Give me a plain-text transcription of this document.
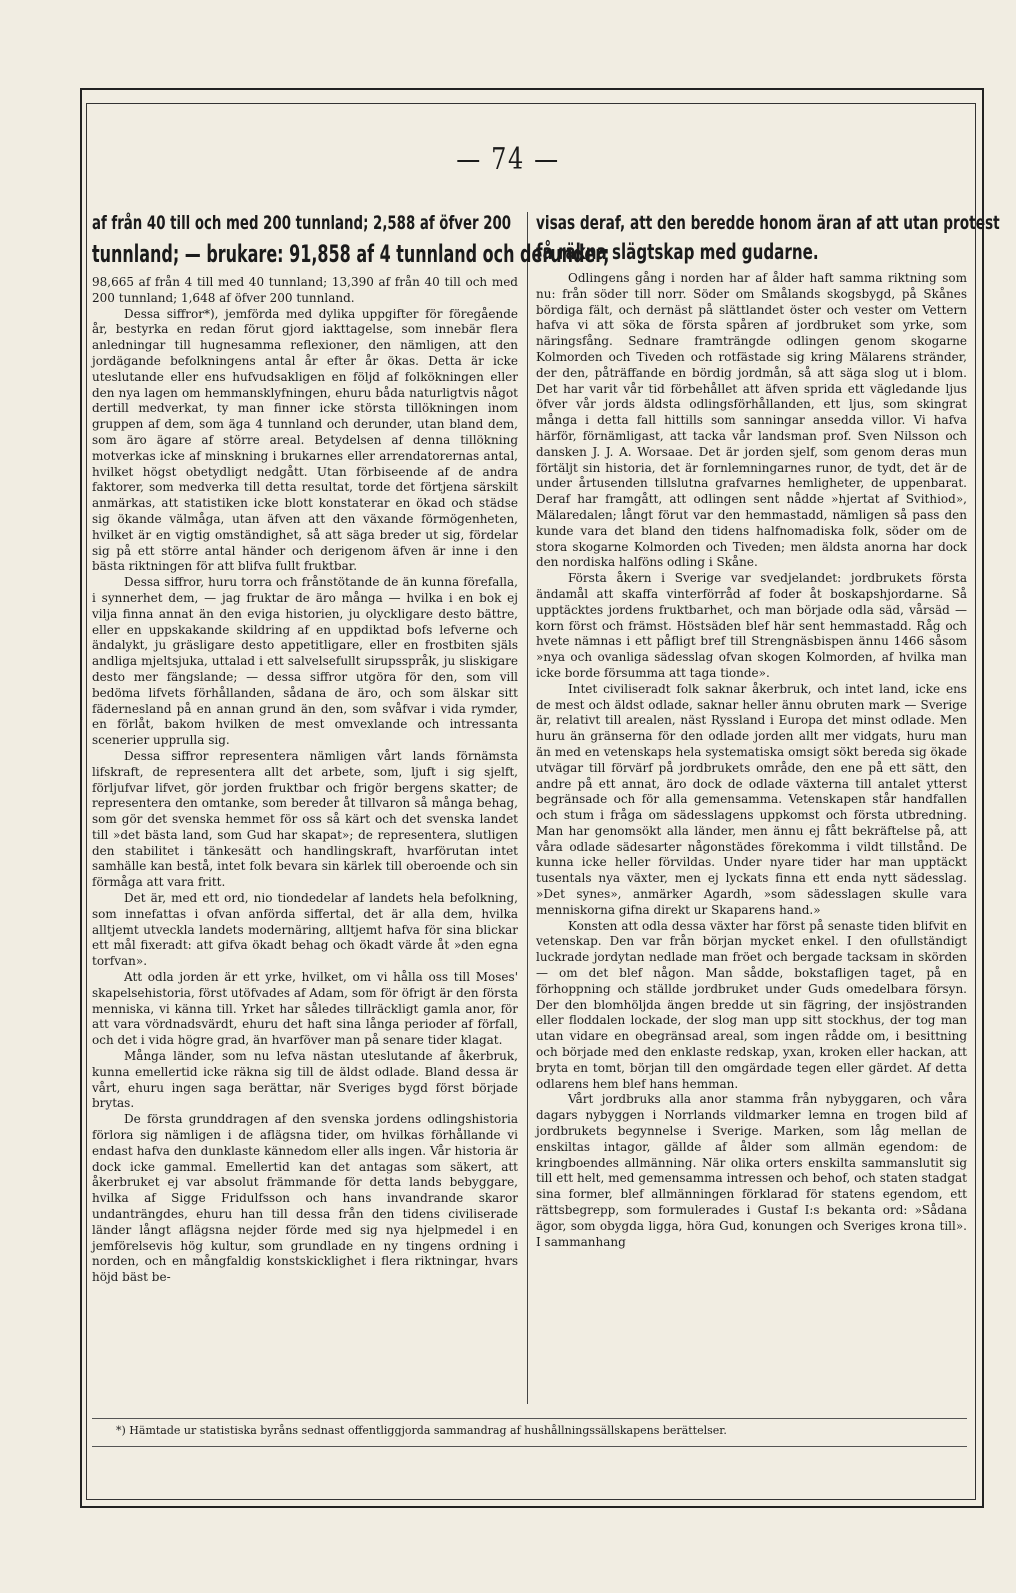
— 74 —
af från 40 till och med 200 tunnland; 2,588 af öfver 200
tunnland; — brukare: 91,858 af 4 tunnland och derunder;

98,665 af från 4 till med 40 tunnland; 13,390 af från 40 till och med 200 tunnland; 1,648 af öfver 200 tunnland.

Dessa siffror*), jemförda med dylika uppgifter för föregående år, bestyrka en redan förut gjord iakttagelse, som innebär flera anledningar till hugnesamma reflexioner, den nämligen, att den jordägande befolkningens antal år efter år ökas. Detta är icke uteslutande eller ens hufvudsakligen en följd af folkökningen eller den nya lagen om hemmansklyfningen, ehuru båda naturligtvis något dertill medverkat, ty man finner icke största tillökningen inom gruppen af dem, som äga 4 tunnland och derunder, utan bland dem, som äro ägare af större areal. Betydelsen af denna tillökning motverkas icke af minskning i brukarnes eller arrendatorernas antal, hvilket högst obetydligt nedgått. Utan förbiseende af de andra faktorer, som medverka till detta resultat, torde det förtjena särskilt anmärkas, att statistiken icke blott konstaterar en ökad och städse sig ökande välmåga, utan äfven att den växande förmögenheten, hvilket är en vigtig omständighet, så att säga breder ut sig, fördelar sig på ett större antal händer och derigenom äfven är inne i den bästa riktningen för att blifva fullt fruktbar.

Dessa siffror, huru torra och frånstötande de än kunna förefalla, i synnerhet dem, — jag fruktar de äro många — hvilka i en bok ej vilja finna annat än den eviga historien, ju olyckligare desto bättre, eller en uppskakande skildring af en uppdiktad bofs lefverne och ändalykt, ju gräsligare desto appetitligare, eller en frostbiten själs andliga mjeltsjuka, uttalad i ett salvelsefullt sirupsspråk, ju sliskigare desto mer fängslande; — dessa siffror utgöra för den, som vill bedöma lifvets förhållanden, sådana de äro, och som älskar sitt fädernesland på en annan grund än den, som svåfvar i vida rymder, en förlåt, bakom hvilken de mest omvexlande och intressanta scenerier upprulla sig.

Dessa siffror representera nämligen vårt lands förnämsta lifskraft, de representera allt det arbete, som, ljuft i sig sjelft, förljufvar lifvet, gör jorden fruktbar och frigör bergens skatter; de representera den omtanke, som bereder åt tillvaron så många behag, som gör det svenska hemmet för oss så kärt och det svenska landet till »det bästa land, som Gud har skapat»; de representera, slutligen den stabilitet i tänkesätt och handlingskraft, hvarförutan intet samhälle kan bestå, intet folk bevara sin kärlek till oberoende och sin förmåga att vara fritt.

Det är, med ett ord, nio tiondedelar af landets hela befolkning, som innefattas i ofvan anförda siffertal, det är alla dem, hvilka alltjemt utveckla landets modernäring, alltjemt hafva för sina blickar ett mål fixeradt: att gifva ökadt behag och ökadt värde åt »den egna torfvan».

Att odla jorden är ett yrke, hvilket, om vi hålla oss till Moses' skapelsehistoria, först utöfvades af Adam, som för öfrigt är den första menniska, vi känna till. Yrket har således tillräckligt gamla anor, för att vara vördnadsvärdt, ehuru det haft sina långa perioder af förfall, och det i vida högre grad, än hvarföver man på senare tider klagat.

Många länder, som nu lefva nästan uteslutande af åkerbruk, kunna emellertid icke räkna sig till de äldst odlade. Bland dessa är vårt, ehuru ingen saga berättar, när Sveriges bygd först började brytas.

De första grunddragen af den svenska jordens odlingshistoria förlora sig nämligen i de aflägsna tider, om hvilkas förhållande vi endast hafva den dunklaste kännedom eller alls ingen. Vår historia är dock icke gammal. Emellertid kan det antagas som säkert, att åkerbruket ej var absolut främmande för detta lands bebyggare, hvilka af Sigge Fridulfsson och hans invandrande skaror undanträngdes, ehuru han till dessa från den tidens civiliserade länder långt aflägsna nejder förde med sig nya hjelpmedel i en jemförelsevis hög kultur, som grundlade en ny tingens ordning i norden, och en mångfaldig konstskicklighet i flera riktningar, hvars höjd bäst be-

visas deraf, att den beredde honom äran af att utan protest
få räkna slägtskap med gudarne.

Odlingens gång i norden har af ålder haft samma riktning som nu: från söder till norr. Söder om Smålands skogsbygd, på Skånes bördiga fält, och dernäst på slättlandet öster och vester om Vettern hafva vi att söka de första spåren af jordbruket som yrke, som näringsfång. Sednare framträngde odlingen genom skogarne Kolmorden och Tiveden och rotfästade sig kring Mälarens stränder, der den, påträffande en bördig jordmån, så att säga slog ut i blom. Det har varit vår tid förbehållet att äfven sprida ett vägledande ljus öfver vår jords äldsta odlingsförhållanden, ett ljus, som skingrat många i detta fall hittills som sanningar ansedda villor. Vi hafva härför, förnämligast, att tacka vår landsman prof. Sven Nilsson och dansken J. J. A. Worsaae. Det är jorden sjelf, som genom deras mun förtäljt sin historia, det är fornlemningarnes runor, de tydt, det är de under årtusenden tillslutna grafvarnes hemligheter, de uppenbarat. Deraf har framgått, att odlingen sent nådde »hjertat af Svithiod», Mälaredalen; långt förut var den hemmastadd, nämligen så pass den kunde vara det bland den tidens halfnomadiska folk, söder om de stora skogarne Kolmorden och Tiveden; men äldsta anorna har dock den nordiska halföns odling i Skåne.

Första åkern i Sverige var svedjelandet: jordbrukets första ändamål att skaffa vinterförråd af foder åt boskapshjordarne. Så upptäcktes jordens fruktbarhet, och man började odla säd, vårsäd — korn först och främst. Höstsäden blef här sent hemmastadd. Råg och hvete nämnas i ett påfligt bref till Strengnäsbispen ännu 1466 såsom »nya och ovanliga sädesslag ofvan skogen Kolmorden, af hvilka man icke borde försumma att taga tionde».

Intet civiliseradt folk saknar åkerbruk, och intet land, icke ens de mest och äldst odlade, saknar heller ännu obruten mark — Sverige är, relativt till arealen, näst Ryssland i Europa det minst odlade. Men huru än gränserna för den odlade jorden allt mer vidgats, huru man än med en vetenskaps hela systematiska omsigt sökt bereda sig ökade utvägar till förvärf på jordbrukets område, den ene på ett sätt, den andre på ett annat, äro dock de odlade växterna till antalet ytterst begränsade och för alla gemensamma. Vetenskapen står handfallen och stum i fråga om sädesslagens uppkomst och första utbredning. Man har genomsökt alla länder, men ännu ej fått bekräftelse på, att våra odlade sädesarter någonstädes förekomma i vildt tillstånd. De kunna icke heller förvildas. Under nyare tider har man upptäckt tusentals nya växter, men ej lyckats finna ett enda nytt sädesslag. »Det synes», anmärker Agardh, »som sädesslagen skulle vara menniskorna gifna direkt ur Skaparens hand.»

Konsten att odla dessa växter har först på senaste tiden blifvit en vetenskap. Den var från början mycket enkel. I den ofullständigt luckrade jordytan nedlade man fröet och bergade tacksam in skörden — om det blef någon. Man sådde, bokstafligen taget, på en förhoppning och ställde jordbruket under Guds omedelbara försyn. Der den blomhöljda ängen bredde ut sin fägring, der insjöstranden eller floddalen lockade, der slog man upp sitt stockhus, der tog man utan vidare en obegränsad areal, som ingen rådde om, i besittning och började med den enklaste redskap, yxan, kroken eller hackan, att bryta en tomt, början till den omgärdade tegen eller gärdet. Af detta odlarens hem blef hans hemman.

Vårt jordbruks alla anor stamma från nybyggaren, och våra dagars nybyggen i Norrlands vildmarker lemna en trogen bild af jordbrukets begynnelse i Sverige. Marken, som låg mellan de enskiltas intagor, gällde af ålder som allmän egendom: de kringboendes allmänning. När olika orters enskilta sammanslutit sig till ett helt, med gemensamma intressen och behof, och staten stadgat sina former, blef allmänningen förklarad för statens egendom, ett rättsbegrepp, som formulerades i Gustaf I:s bekanta ord: »Sådana ägor, som obygda ligga, höra Gud, konungen och Sveriges krona till». I sammanhang

*) Hämtade ur statistiska byråns sednast offentliggjorda sammandrag af hushållningssällskapens berättelser.
